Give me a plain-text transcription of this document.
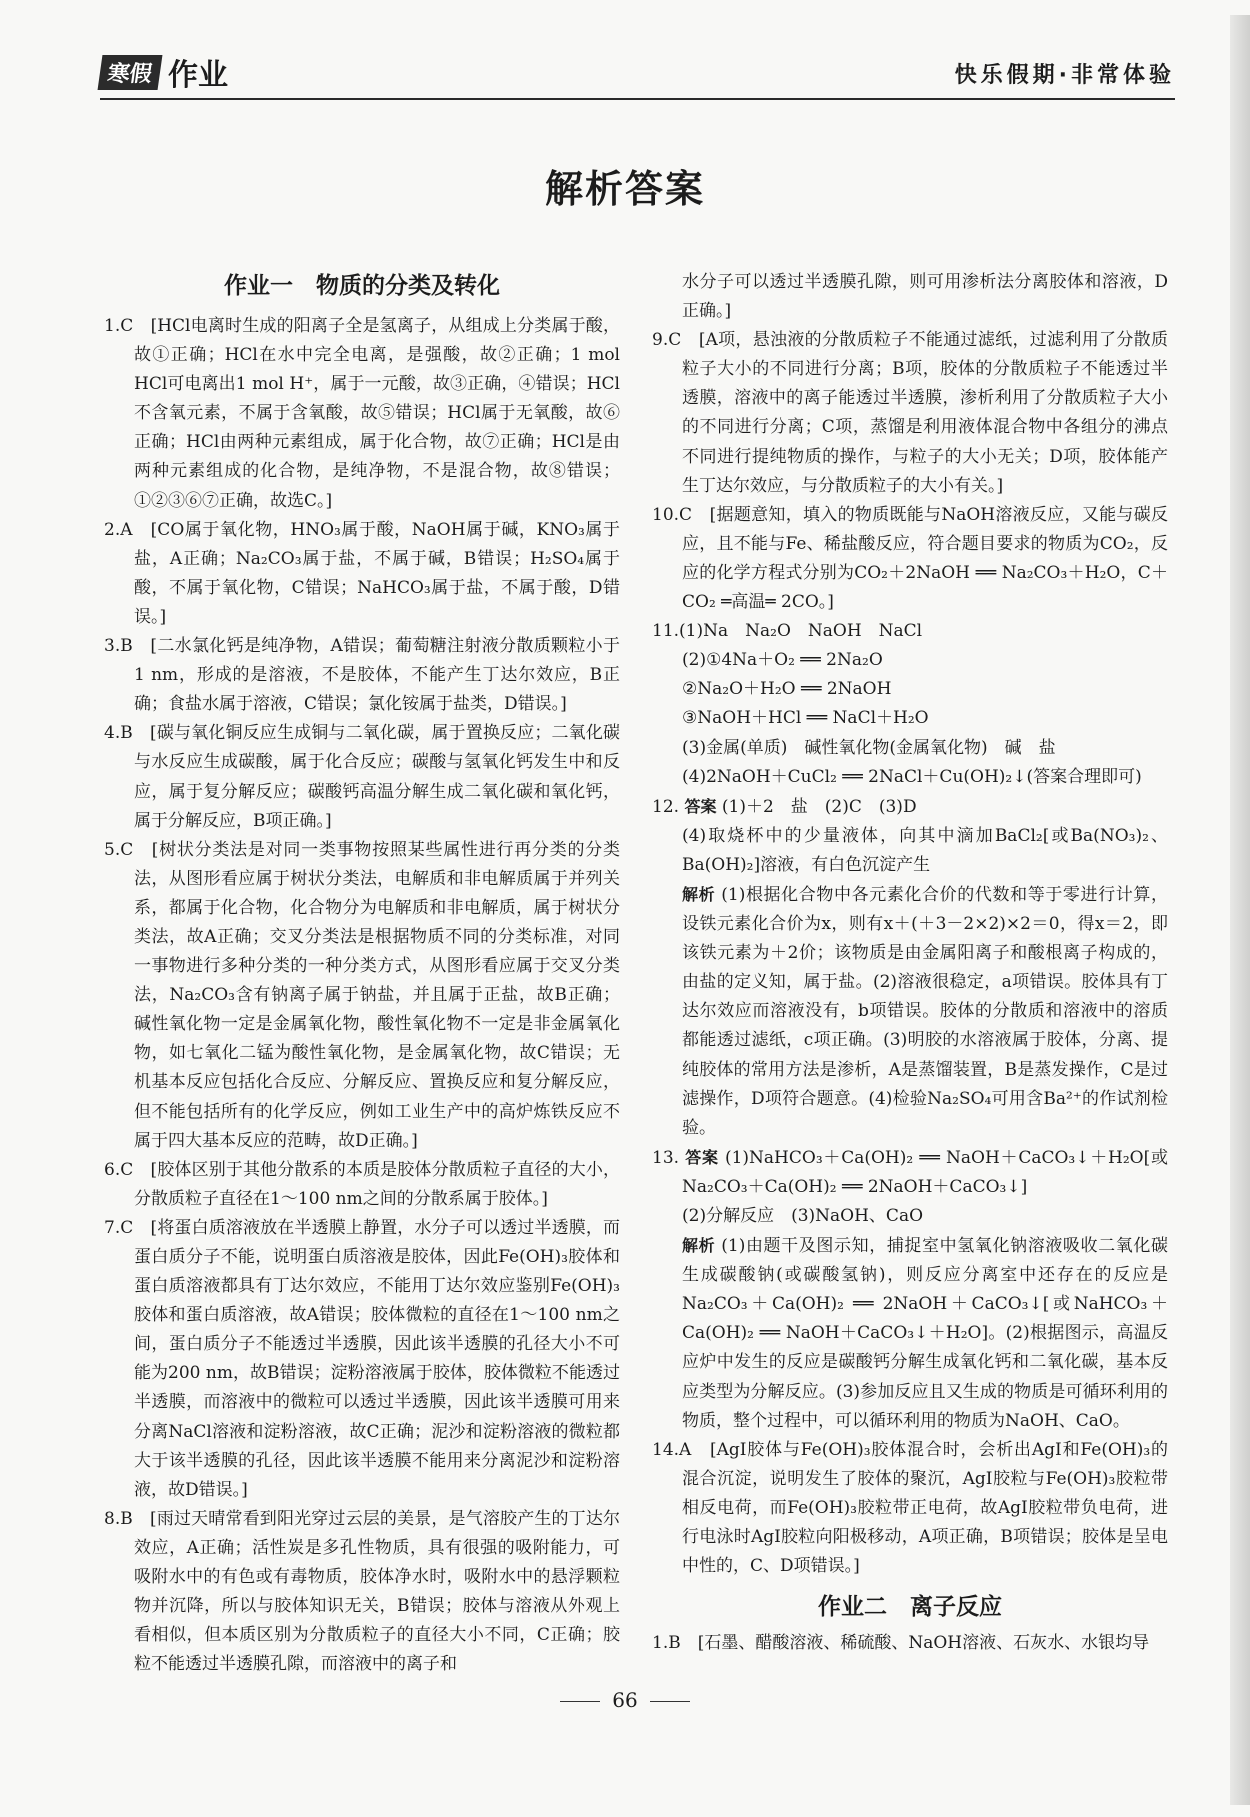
寒假 作业	快乐假期·非常体验
解析答案

作业一　物质的分类及转化

1.C　[HCl电离时生成的阳离子全是氢离子，从组成上分类属于酸，故①正确；HCl在水中完全电离，是强酸，故②正确；1 mol HCl可电离出1 mol H⁺，属于一元酸，故③正确，④错误；HCl不含氧元素，不属于含氧酸，故⑤错误；HCl属于无氧酸，故⑥正确；HCl由两种元素组成，属于化合物，故⑦正确；HCl是由两种元素组成的化合物，是纯净物，不是混合物，故⑧错误；①②③⑥⑦正确，故选C。]

2.A　[CO属于氧化物，HNO₃属于酸，NaOH属于碱，KNO₃属于盐，A正确；Na₂CO₃属于盐，不属于碱，B错误；H₂SO₄属于酸，不属于氧化物，C错误；NaHCO₃属于盐，不属于酸，D错误。]

3.B　[二水氯化钙是纯净物，A错误；葡萄糖注射液分散质颗粒小于1 nm，形成的是溶液，不是胶体，不能产生丁达尔效应，B正确；食盐水属于溶液，C错误；氯化铵属于盐类，D错误。]

4.B　[碳与氧化铜反应生成铜与二氧化碳，属于置换反应；二氧化碳与水反应生成碳酸，属于化合反应；碳酸与氢氧化钙发生中和反应，属于复分解反应；碳酸钙高温分解生成二氧化碳和氧化钙，属于分解反应，B项正确。]

5.C　[树状分类法是对同一类事物按照某些属性进行再分类的分类法，从图形看应属于树状分类法，电解质和非电解质属于并列关系，都属于化合物，化合物分为电解质和非电解质，属于树状分类法，故A正确；交叉分类法是根据物质不同的分类标准，对同一事物进行多种分类的一种分类方式，从图形看应属于交叉分类法，Na₂CO₃含有钠离子属于钠盐，并且属于正盐，故B正确；碱性氧化物一定是金属氧化物，酸性氧化物不一定是非金属氧化物，如七氧化二锰为酸性氧化物，是金属氧化物，故C错误；无机基本反应包括化合反应、分解反应、置换反应和复分解反应，但不能包括所有的化学反应，例如工业生产中的高炉炼铁反应不属于四大基本反应的范畴，故D正确。]

6.C　[胶体区别于其他分散系的本质是胶体分散质粒子直径的大小，分散质粒子直径在1～100 nm之间的分散系属于胶体。]

7.C　[将蛋白质溶液放在半透膜上静置，水分子可以透过半透膜，而蛋白质分子不能，说明蛋白质溶液是胶体，因此Fe(OH)₃胶体和蛋白质溶液都具有丁达尔效应，不能用丁达尔效应鉴别Fe(OH)₃胶体和蛋白质溶液，故A错误；胶体微粒的直径在1～100 nm之间，蛋白质分子不能透过半透膜，因此该半透膜的孔径大小不可能为200 nm，故B错误；淀粉溶液属于胶体，胶体微粒不能透过半透膜，而溶液中的微粒可以透过半透膜，因此该半透膜可用来分离NaCl溶液和淀粉溶液，故C正确；泥沙和淀粉溶液的微粒都大于该半透膜的孔径，因此该半透膜不能用来分离泥沙和淀粉溶液，故D错误。]

8.B　[雨过天晴常看到阳光穿过云层的美景，是气溶胶产生的丁达尔效应，A正确；活性炭是多孔性物质，具有很强的吸附能力，可吸附水中的有色或有毒物质，胶体净水时，吸附水中的悬浮颗粒物并沉降，所以与胶体知识无关，B错误；胶体与溶液从外观上看相似，但本质区别为分散质粒子的直径大小不同，C正确；胶粒不能透过半透膜孔隙，而溶液中的离子和

水分子可以透过半透膜孔隙，则可用渗析法分离胶体和溶液，D正确。]

9.C　[A项，悬浊液的分散质粒子不能通过滤纸，过滤利用了分散质粒子大小的不同进行分离；B项，胶体的分散质粒子不能透过半透膜，溶液中的离子能透过半透膜，渗析利用了分散质粒子大小的不同进行分离；C项，蒸馏是利用液体混合物中各组分的沸点不同进行提纯物质的操作，与粒子的大小无关；D项，胶体能产生丁达尔效应，与分散质粒子的大小有关。]

10.C　[据题意知，填入的物质既能与NaOH溶液反应，又能与碳反应，且不能与Fe、稀盐酸反应，符合题目要求的物质为CO₂，反应的化学方程式分别为CO₂＋2NaOH ══ Na₂CO₃＋H₂O，C＋CO₂ ═高温═ 2CO。]

11.(1)Na　Na₂O　NaOH　NaCl

(2)①4Na＋O₂ ══ 2Na₂O

②Na₂O＋H₂O ══ 2NaOH

③NaOH＋HCl ══ NaCl＋H₂O

(3)金属(单质)　碱性氧化物(金属氧化物)　碱　盐

(4)2NaOH＋CuCl₂ ══ 2NaCl＋Cu(OH)₂↓(答案合理即可)

12. 答案 (1)＋2　盐　(2)C　(3)D

(4)取烧杯中的少量液体，向其中滴加BaCl₂[或Ba(NO₃)₂、Ba(OH)₂]溶液，有白色沉淀产生

解析 (1)根据化合物中各元素化合价的代数和等于零进行计算，设铁元素化合价为x，则有x＋(＋3－2×2)×2＝0，得x＝2，即该铁元素为＋2价；该物质是由金属阳离子和酸根离子构成的，由盐的定义知，属于盐。(2)溶液很稳定，a项错误。胶体具有丁达尔效应而溶液没有，b项错误。胶体的分散质和溶液中的溶质都能透过滤纸，c项正确。(3)明胶的水溶液属于胶体，分离、提纯胶体的常用方法是渗析，A是蒸馏装置，B是蒸发操作，C是过滤操作，D项符合题意。(4)检验Na₂SO₄可用含Ba²⁺的作试剂检验。

13. 答案 (1)NaHCO₃＋Ca(OH)₂ ══ NaOH＋CaCO₃↓＋H₂O[或Na₂CO₃＋Ca(OH)₂ ══ 2NaOH＋CaCO₃↓]

(2)分解反应　(3)NaOH、CaO

解析 (1)由题干及图示知，捕捉室中氢氧化钠溶液吸收二氧化碳生成碳酸钠(或碳酸氢钠)，则反应分离室中还存在的反应是Na₂CO₃＋Ca(OH)₂ ══ 2NaOH＋CaCO₃↓[或NaHCO₃＋Ca(OH)₂ ══ NaOH＋CaCO₃↓＋H₂O]。(2)根据图示，高温反应炉中发生的反应是碳酸钙分解生成氧化钙和二氧化碳，基本反应类型为分解反应。(3)参加反应且又生成的物质是可循环利用的物质，整个过程中，可以循环利用的物质为NaOH、CaO。

14.A　[AgI胶体与Fe(OH)₃胶体混合时，会析出AgI和Fe(OH)₃的混合沉淀，说明发生了胶体的聚沉，AgI胶粒与Fe(OH)₃胶粒带相反电荷，而Fe(OH)₃胶粒带正电荷，故AgI胶粒带负电荷，进行电泳时AgI胶粒向阳极移动，A项正确，B项错误；胶体是呈电中性的，C、D项错误。]

作业二　离子反应

1.B　[石墨、醋酸溶液、稀硫酸、NaOH溶液、石灰水、水银均导

66
